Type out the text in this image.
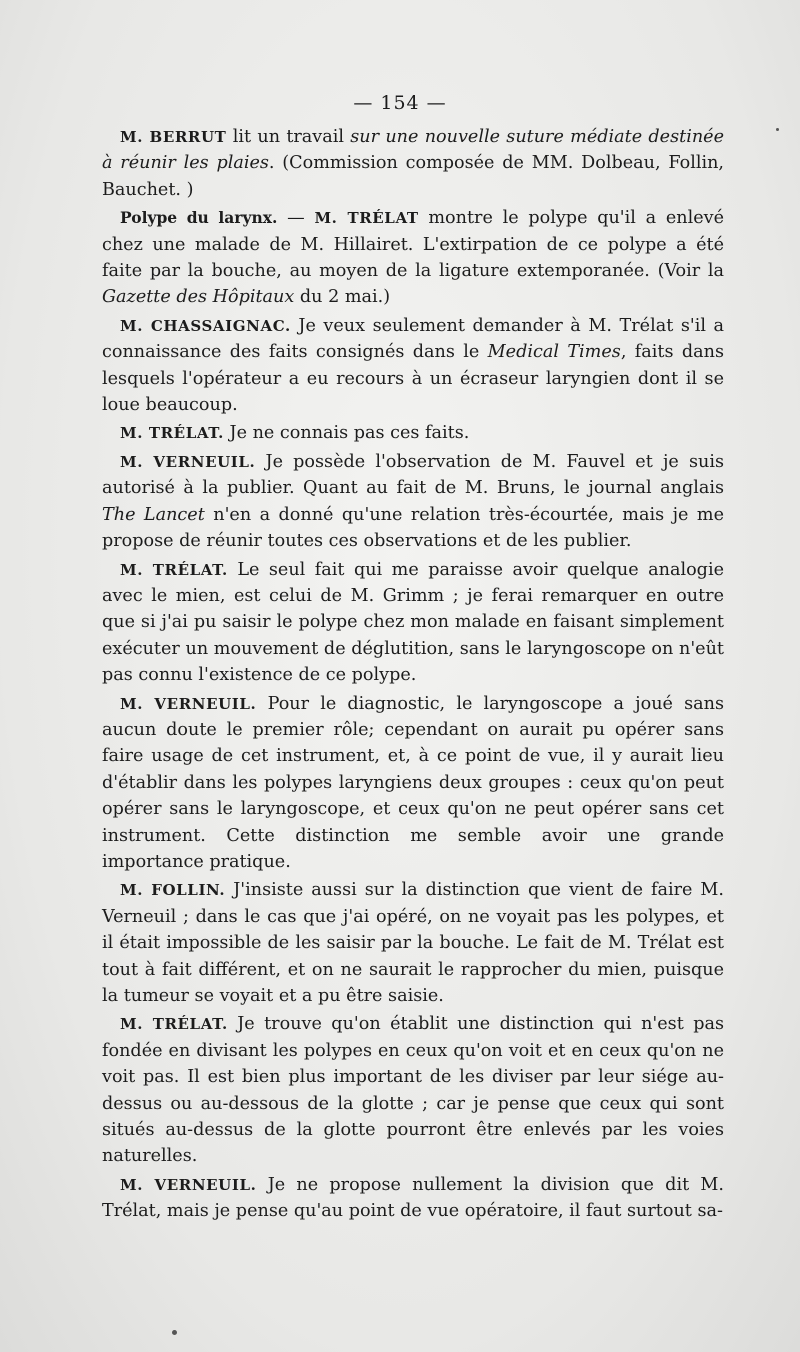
— 154 —

M. BERRUT lit un travail sur une nouvelle suture médiate destinée à réunir les plaies. (Commission composée de MM. Dolbeau, Follin, Bauchet. )

Polype du larynx. — M. TRÉLAT montre le polype qu'il a enlevé chez une malade de M. Hillairet. L'extirpation de ce polype a été faite par la bouche, au moyen de la ligature extemporanée. (Voir la Gazette des Hôpitaux du 2 mai.)

M. CHASSAIGNAC. Je veux seulement demander à M. Trélat s'il a connaissance des faits consignés dans le Medical Times, faits dans lesquels l'opérateur a eu recours à un écraseur laryngien dont il se loue beaucoup.

M. TRÉLAT. Je ne connais pas ces faits.

M. VERNEUIL. Je possède l'observation de M. Fauvel et je suis autorisé à la publier. Quant au fait de M. Bruns, le journal anglais The Lancet n'en a donné qu'une relation très-écourtée, mais je me propose de réunir toutes ces observations et de les publier.

M. TRÉLAT. Le seul fait qui me paraisse avoir quelque analogie avec le mien, est celui de M. Grimm ; je ferai remarquer en outre que si j'ai pu saisir le polype chez mon malade en faisant simplement exécuter un mouvement de déglutition, sans le laryngoscope on n'eût pas connu l'existence de ce polype.

M. VERNEUIL. Pour le diagnostic, le laryngoscope a joué sans aucun doute le premier rôle; cependant on aurait pu opérer sans faire usage de cet instrument, et, à ce point de vue, il y aurait lieu d'établir dans les polypes laryngiens deux groupes : ceux qu'on peut opérer sans le laryngoscope, et ceux qu'on ne peut opérer sans cet instrument. Cette distinction me semble avoir une grande importance pratique.

M. FOLLIN. J'insiste aussi sur la distinction que vient de faire M. Verneuil ; dans le cas que j'ai opéré, on ne voyait pas les polypes, et il était impossible de les saisir par la bouche. Le fait de M. Trélat est tout à fait différent, et on ne saurait le rapprocher du mien, puisque la tumeur se voyait et a pu être saisie.

M. TRÉLAT. Je trouve qu'on établit une distinction qui n'est pas fondée en divisant les polypes en ceux qu'on voit et en ceux qu'on ne voit pas. Il est bien plus important de les diviser par leur siége au-dessus ou au-dessous de la glotte ; car je pense que ceux qui sont situés au-dessus de la glotte pourront être enlevés par les voies naturelles.

M. VERNEUIL. Je ne propose nullement la division que dit M. Trélat, mais je pense qu'au point de vue opératoire, il faut surtout sa-
